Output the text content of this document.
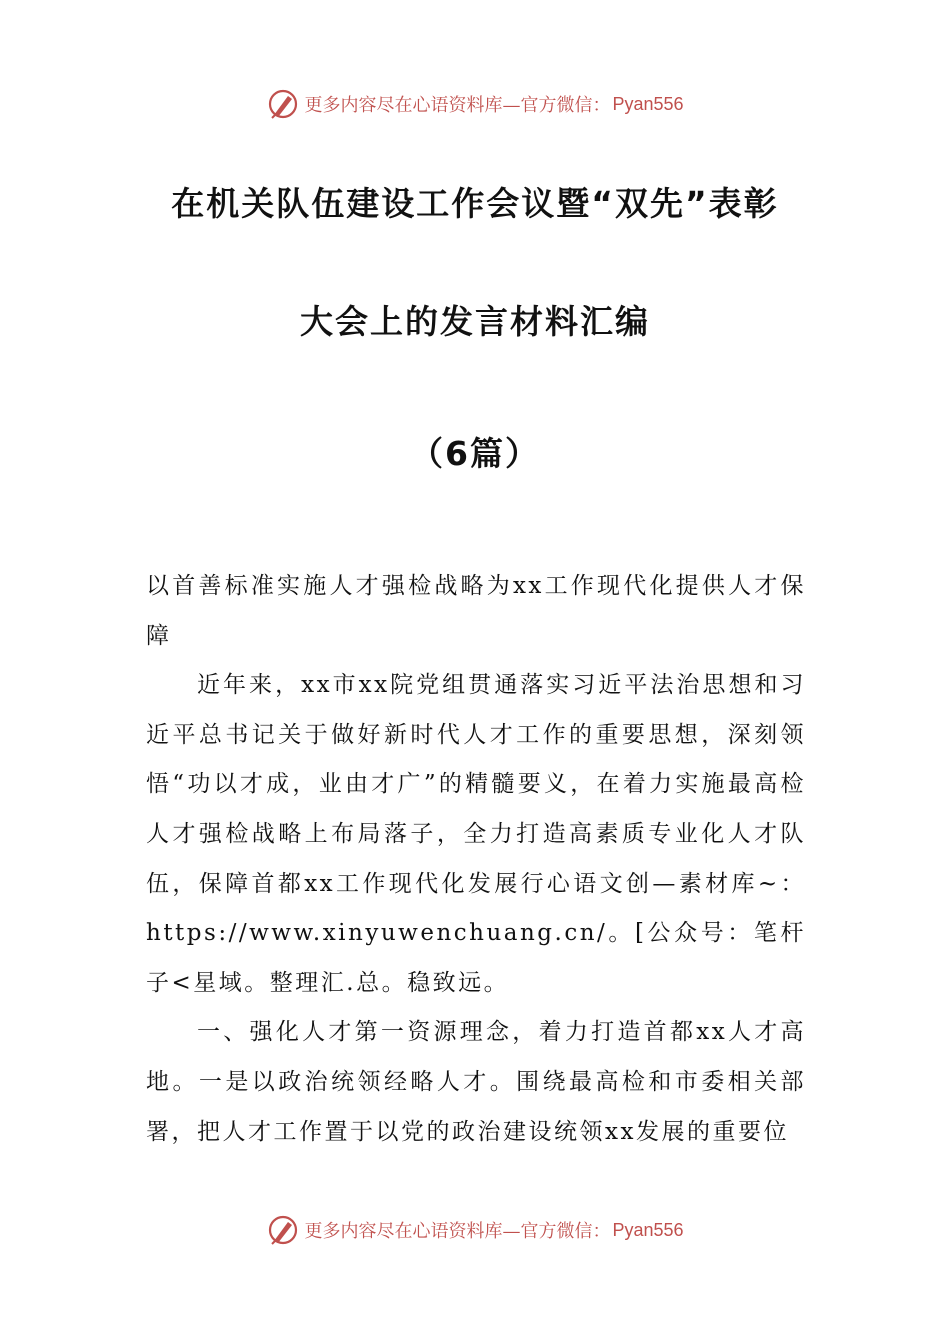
更多内容尽在心语资料库—官方微信： Pyan556
在机关队伍建设工作会议暨“双先”表彰
大会上的发言材料汇编
（6篇）

以首善标准实施人才强检战略为xx工作现代化提供人才保障

近年来，xx市xx院党组贯通落实习近平法治思想和习近平总书记关于做好新时代人才工作的重要思想，深刻领悟“功以才成，业由才广”的精髓要义，在着力实施最高检人才强检战略上布局落子，全力打造高素质专业化人才队伍，保障首都xx工作现代化发展行心语文创—素材库~：https://www.xinyuwenchuang.cn/。[公众号：笔杆子<星域。整理汇.总。稳致远。

一、强化人才第一资源理念，着力打造首都xx人才高地。一是以政治统领经略人才。围绕最高检和市委相关部署，把人才工作置于以党的政治建设统领xx发展的重要位

更多内容尽在心语资料库—官方微信： Pyan556
